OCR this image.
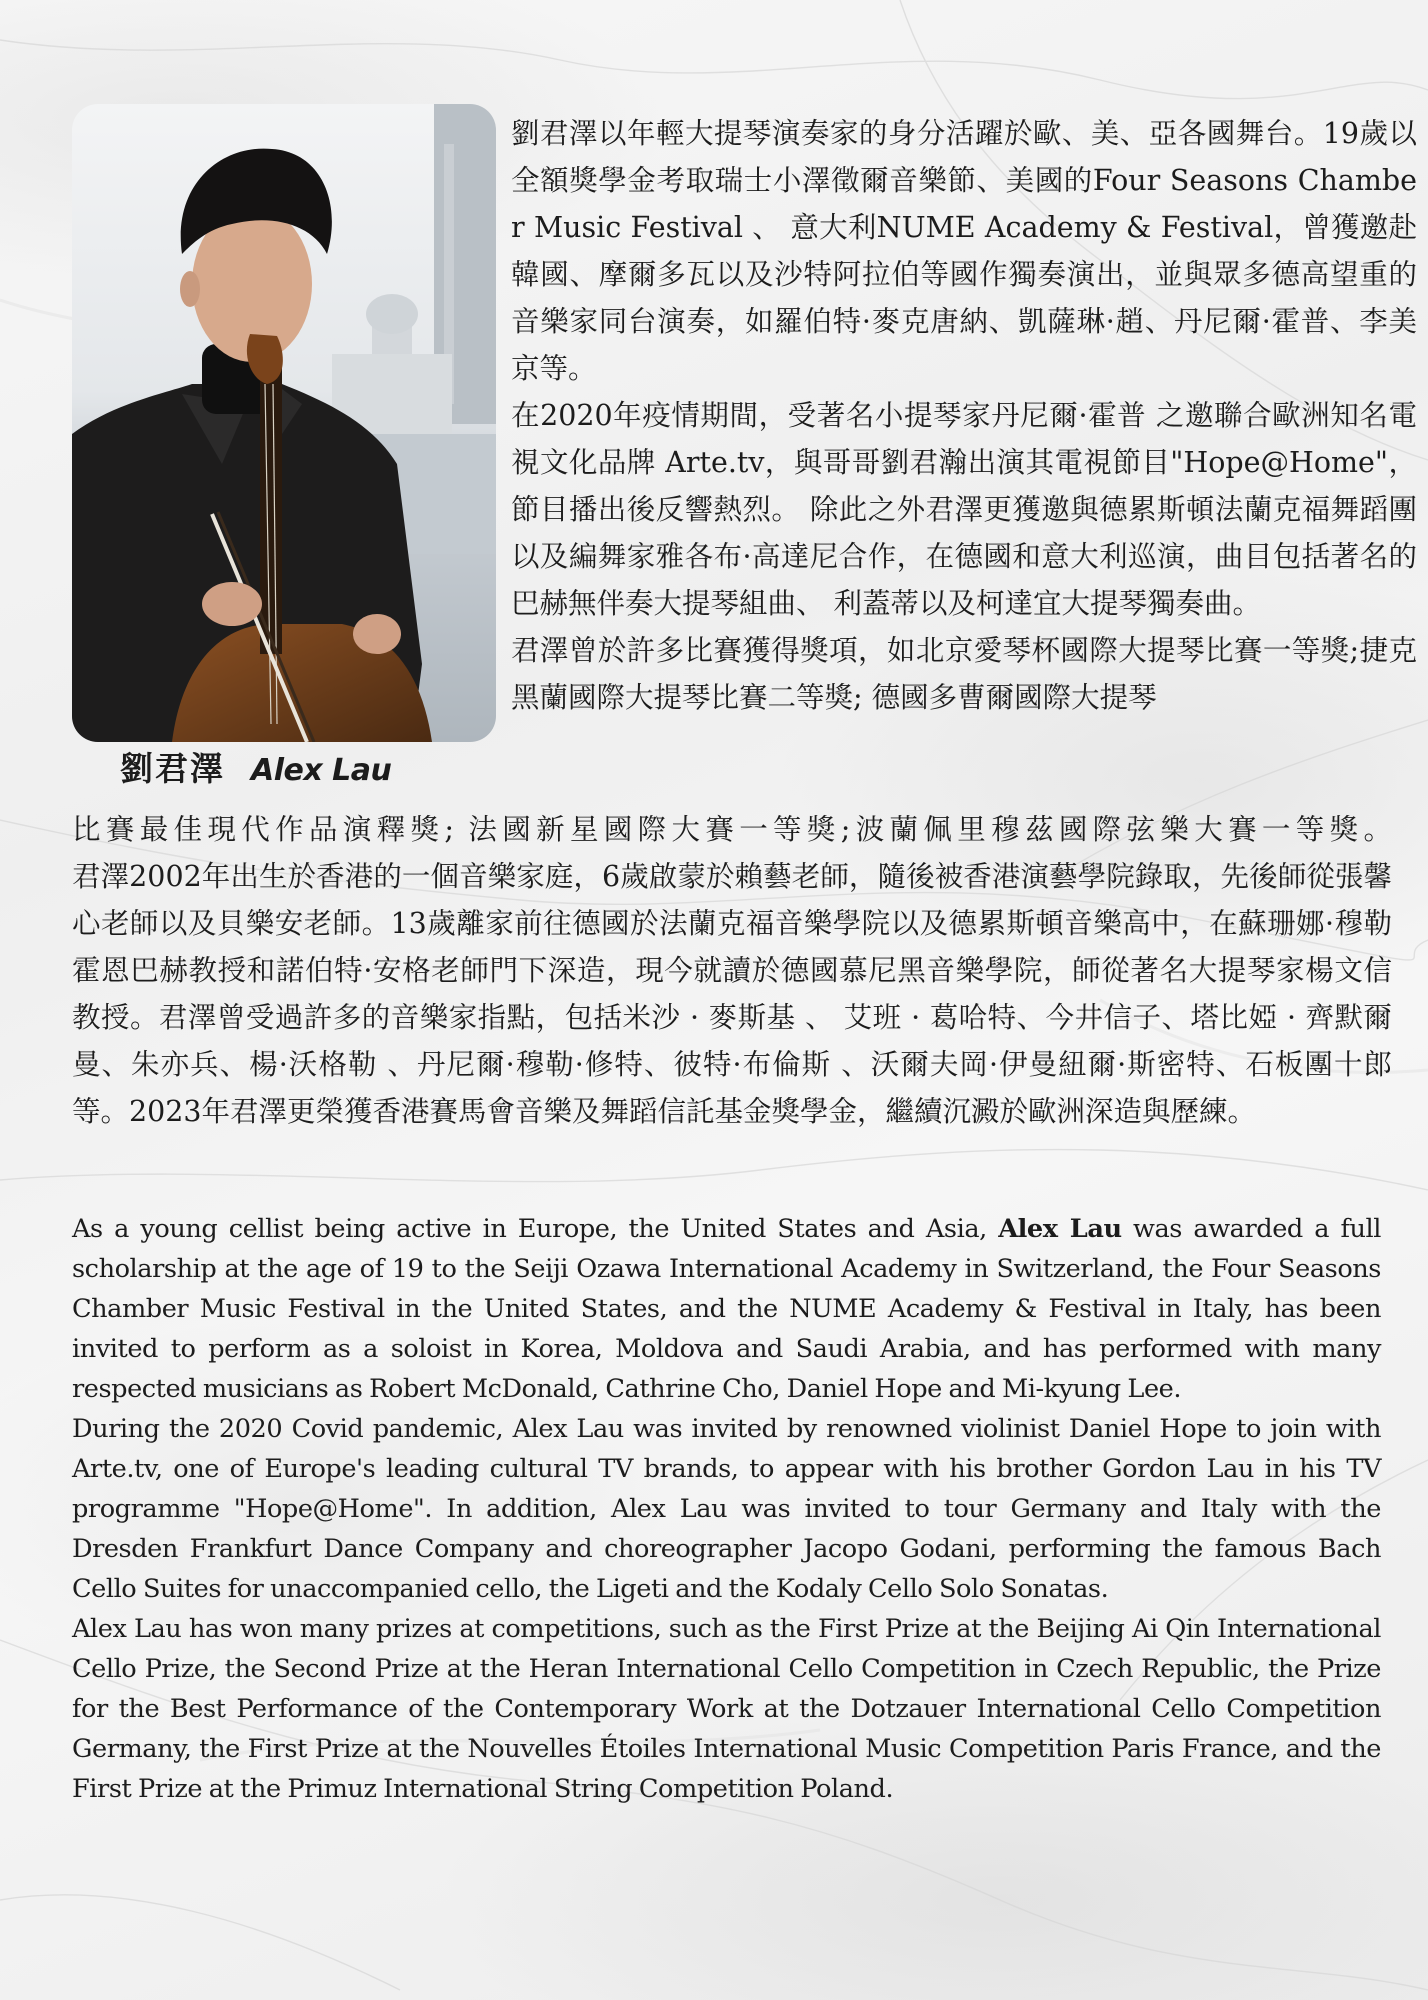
劉君澤 Alex Lau

劉君澤以年輕大提琴演奏家的身分活躍於歐、美、亞各國舞台。19歲以全額獎學金考取瑞士小澤徵爾音樂節、美國的Four Seasons Chamber Music Festival 、 意大利NUME Academy & Festival，曾獲邀赴韓國、摩爾多瓦以及沙特阿拉伯等國作獨奏演出，並與眾多德高望重的音樂家同台演奏，如羅伯特·麥克唐納、凱薩琳·趙、丹尼爾·霍普、李美京等。

在2020年疫情期間，受著名小提琴家丹尼爾·霍普 之邀聯合歐洲知名電視文化品牌 Arte.tv，與哥哥劉君瀚出演其電視節目"Hope@Home"，節目播出後反響熱烈。 除此之外君澤更獲邀與德累斯頓法蘭克福舞蹈團以及編舞家雅各布·高達尼合作，在德國和意大利巡演，曲目包括著名的巴赫無伴奏大提琴組曲、 利蓋蒂以及柯達宜大提琴獨奏曲。

君澤曾於許多比賽獲得獎項，如北京愛琴杯國際大提琴比賽一等獎;捷克黑蘭國際大提琴比賽二等獎; 德國多曹爾國際大提琴

比賽最佳現代作品演釋獎; 法國新星國際大賽一等獎;波蘭佩里穆茲國際弦樂大賽一等獎。

君澤2002年出生於香港的一個音樂家庭，6歲啟蒙於賴藝老師，隨後被香港演藝學院錄取，先後師從張馨心老師以及貝樂安老師。13歲離家前往德國於法蘭克福音樂學院以及德累斯頓音樂高中，在蘇珊娜·穆勒霍恩巴赫教授和諾伯特·安格老師門下深造，現今就讀於德國慕尼黑音樂學院，師從著名大提琴家楊文信教授。君澤曾受過許多的音樂家指點，包括米沙 · 麥斯基 、 艾班 · 葛哈特、今井信子、塔比婭 · 齊默爾曼、朱亦兵、楊·沃格勒 、丹尼爾·穆勒·修特、彼特·布倫斯 、沃爾夫岡·伊曼紐爾·斯密特、石板團十郎等。2023年君澤更榮獲香港賽馬會音樂及舞蹈信託基金獎學金，繼續沉澱於歐洲深造與歷練。

As a young cellist being active in Europe, the United States and Asia, Alex Lau was awarded a full scholarship at the age of 19 to the Seiji Ozawa International Academy in Switzerland, the Four Seasons Chamber Music Festival in the United States, and the NUME Academy & Festival in Italy, has been invited to perform as a soloist in Korea, Moldova and Saudi Arabia, and has performed with many respected musicians as Robert McDonald, Cathrine Cho, Daniel Hope and Mi-kyung Lee.

During the 2020 Covid pandemic, Alex Lau was invited by renowned violinist Daniel Hope to join with Arte.tv, one of Europe's leading cultural TV brands, to appear with his brother Gordon Lau in his TV programme "Hope@Home". In addition, Alex Lau was invited to tour Germany and Italy with the Dresden Frankfurt Dance Company and choreographer Jacopo Godani, performing the famous Bach Cello Suites for unaccompanied cello, the Ligeti and the Kodaly Cello Solo Sonatas.

Alex Lau has won many prizes at competitions, such as the First Prize at the Beijing Ai Qin International Cello Prize, the Second Prize at the Heran International Cello Competition in Czech Republic, the Prize for the Best Performance of the Contemporary Work at the Dotzauer International Cello Competition Germany, the First Prize at the Nouvelles Étoiles International Music Competition Paris France, and the First Prize at the Primuz International String Competition Poland.
